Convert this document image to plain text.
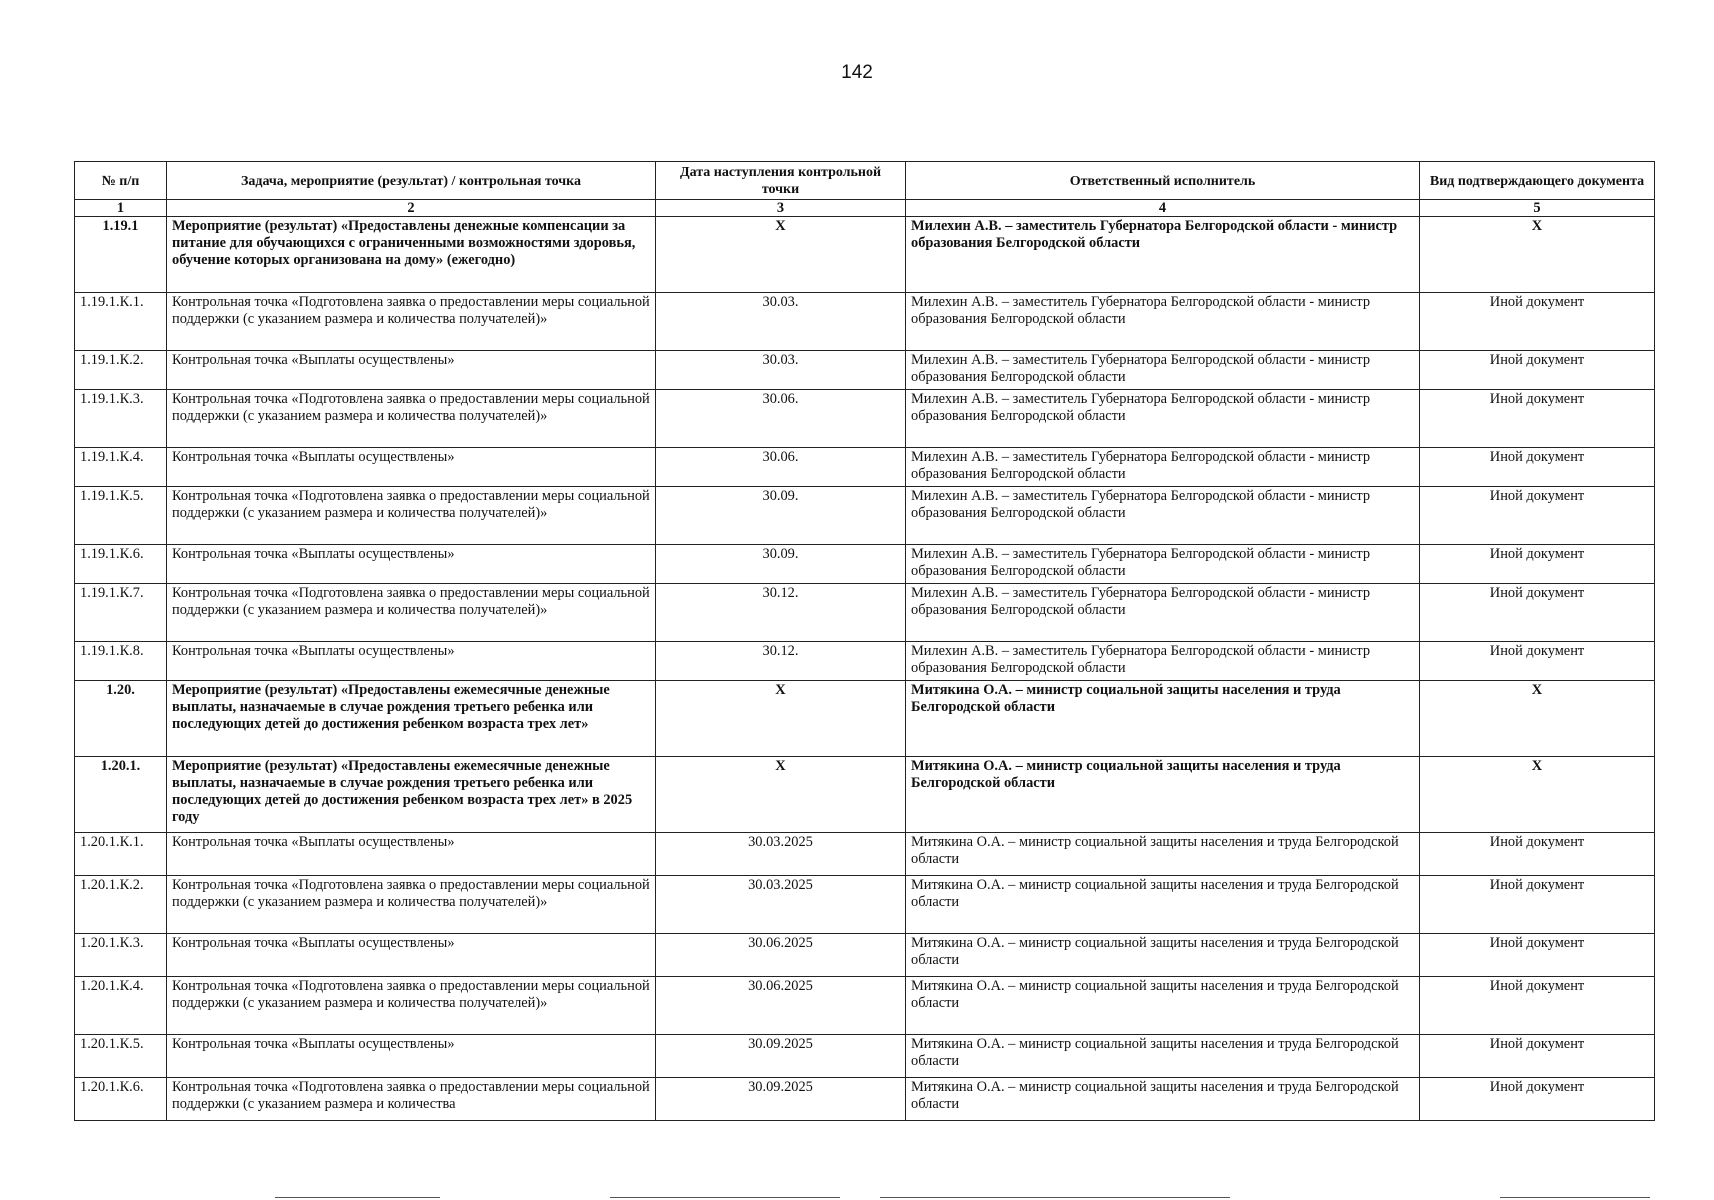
142
№ п/п	Задача, мероприятие (результат) / контрольная точка	Дата наступления контрольной точки	Ответственный исполнитель	Вид подтверждающего документа
1	2	3	4	5
1.19.1	Мероприятие (результат) «Предоставлены денежные компенсации за питание для обучающихся с ограниченными возможностями здоровья, обучение которых организована на дому» (ежегодно)	X	Милехин А.В. – заместитель Губернатора Белгородской области - министр образования Белгородской области	X
1.19.1.К.1.	Контрольная точка «Подготовлена заявка о предоставлении меры социальной поддержки (с указанием размера и количества получателей)»	30.03.	Милехин А.В. – заместитель Губернатора Белгородской области - министр образования Белгородской области	Иной документ
1.19.1.К.2.	Контрольная точка «Выплаты осуществлены»	30.03.	Милехин А.В. – заместитель Губернатора Белгородской области - министр образования Белгородской области	Иной документ
1.19.1.К.3.	Контрольная точка «Подготовлена заявка о предоставлении меры социальной поддержки (с указанием размера и количества получателей)»	30.06.	Милехин А.В. – заместитель Губернатора Белгородской области - министр образования Белгородской области	Иной документ
1.19.1.К.4.	Контрольная точка «Выплаты осуществлены»	30.06.	Милехин А.В. – заместитель Губернатора Белгородской области - министр образования Белгородской области	Иной документ
1.19.1.К.5.	Контрольная точка «Подготовлена заявка о предоставлении меры социальной поддержки (с указанием размера и количества получателей)»	30.09.	Милехин А.В. – заместитель Губернатора Белгородской области - министр образования Белгородской области	Иной документ
1.19.1.К.6.	Контрольная точка «Выплаты осуществлены»	30.09.	Милехин А.В. – заместитель Губернатора Белгородской области - министр образования Белгородской области	Иной документ
1.19.1.К.7.	Контрольная точка «Подготовлена заявка о предоставлении меры социальной поддержки (с указанием размера и количества получателей)»	30.12.	Милехин А.В. – заместитель Губернатора Белгородской области - министр образования Белгородской области	Иной документ
1.19.1.К.8.	Контрольная точка «Выплаты осуществлены»	30.12.	Милехин А.В. – заместитель Губернатора Белгородской области - министр образования Белгородской области	Иной документ
1.20.	Мероприятие (результат) «Предоставлены ежемесячные денежные выплаты, назначаемые в случае рождения третьего ребенка или последующих детей до достижения ребенком возраста трех лет»	X	Митякина О.А. – министр социальной защиты населения и труда Белгородской области	X
1.20.1.	Мероприятие (результат) «Предоставлены ежемесячные денежные выплаты, назначаемые в случае рождения третьего ребенка или последующих детей до достижения ребенком возраста трех лет» в 2025 году	X	Митякина О.А. – министр социальной защиты населения и труда Белгородской области	X
1.20.1.К.1.	Контрольная точка «Выплаты осуществлены»	30.03.2025	Митякина О.А. – министр социальной защиты населения и труда Белгородской области	Иной документ
1.20.1.К.2.	Контрольная точка «Подготовлена заявка о предоставлении меры социальной поддержки (с указанием размера и количества получателей)»	30.03.2025	Митякина О.А. – министр социальной защиты населения и труда Белгородской области	Иной документ
1.20.1.К.3.	Контрольная точка «Выплаты осуществлены»	30.06.2025	Митякина О.А. – министр социальной защиты населения и труда Белгородской области	Иной документ
1.20.1.К.4.	Контрольная точка «Подготовлена заявка о предоставлении меры социальной поддержки (с указанием размера и количества получателей)»	30.06.2025	Митякина О.А. – министр социальной защиты населения и труда Белгородской области	Иной документ
1.20.1.К.5.	Контрольная точка «Выплаты осуществлены»	30.09.2025	Митякина О.А. – министр социальной защиты населения и труда Белгородской области	Иной документ
1.20.1.К.6.	Контрольная точка «Подготовлена заявка о предоставлении меры социальной поддержки (с указанием размера и количества	30.09.2025	Митякина О.А. – министр социальной защиты населения и труда Белгородской области	Иной документ
